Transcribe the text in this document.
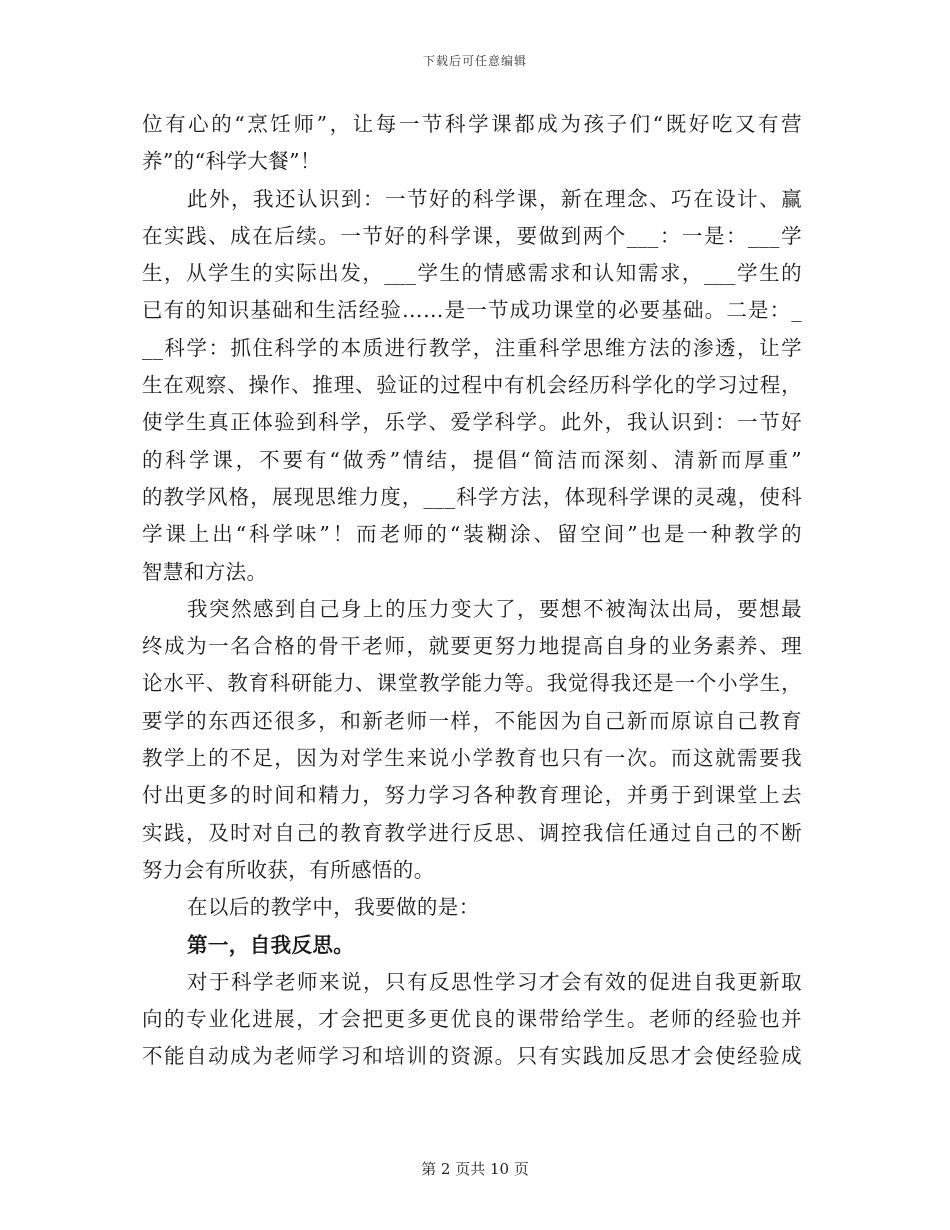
下载后可任意编辑
位有心的“烹饪师”，让每一节科学课都成为孩子们“既好吃又有营
养”的“科学大餐”！
此外，我还认识到：一节好的科学课，新在理念、巧在设计、赢
在实践、成在后续。一节好的科学课，要做到两个___：一是：___学
生，从学生的实际出发，___学生的情感需求和认知需求，___学生的
已有的知识基础和生活经验……是一节成功课堂的必要基础。二是：_
__科学：抓住科学的本质进行教学，注重科学思维方法的渗透，让学
生在观察、操作、推理、验证的过程中有机会经历科学化的学习过程，
使学生真正体验到科学，乐学、爱学科学。此外，我认识到：一节好
的科学课，不要有“做秀”情结，提倡“简洁而深刻、清新而厚重”
的教学风格，展现思维力度，___科学方法，体现科学课的灵魂，使科
学课上出“科学味”！而老师的“装糊涂、留空间”也是一种教学的
智慧和方法。
我突然感到自己身上的压力变大了，要想不被淘汰出局，要想最
终成为一名合格的骨干老师，就要更努力地提高自身的业务素养、理
论水平、教育科研能力、课堂教学能力等。我觉得我还是一个小学生，
要学的东西还很多，和新老师一样，不能因为自己新而原谅自己教育
教学上的不足，因为对学生来说小学教育也只有一次。而这就需要我
付出更多的时间和精力，努力学习各种教育理论，并勇于到课堂上去
实践，及时对自己的教育教学进行反思、调控我信任通过自己的不断
努力会有所收获，有所感悟的。
在以后的教学中，我要做的是：
第一，自我反思。
对于科学老师来说，只有反思性学习才会有效的促进自我更新取
向的专业化进展，才会把更多更优良的课带给学生。老师的经验也并
不能自动成为老师学习和培训的资源。只有实践加反思才会使经验成
第 2 页共 10 页
